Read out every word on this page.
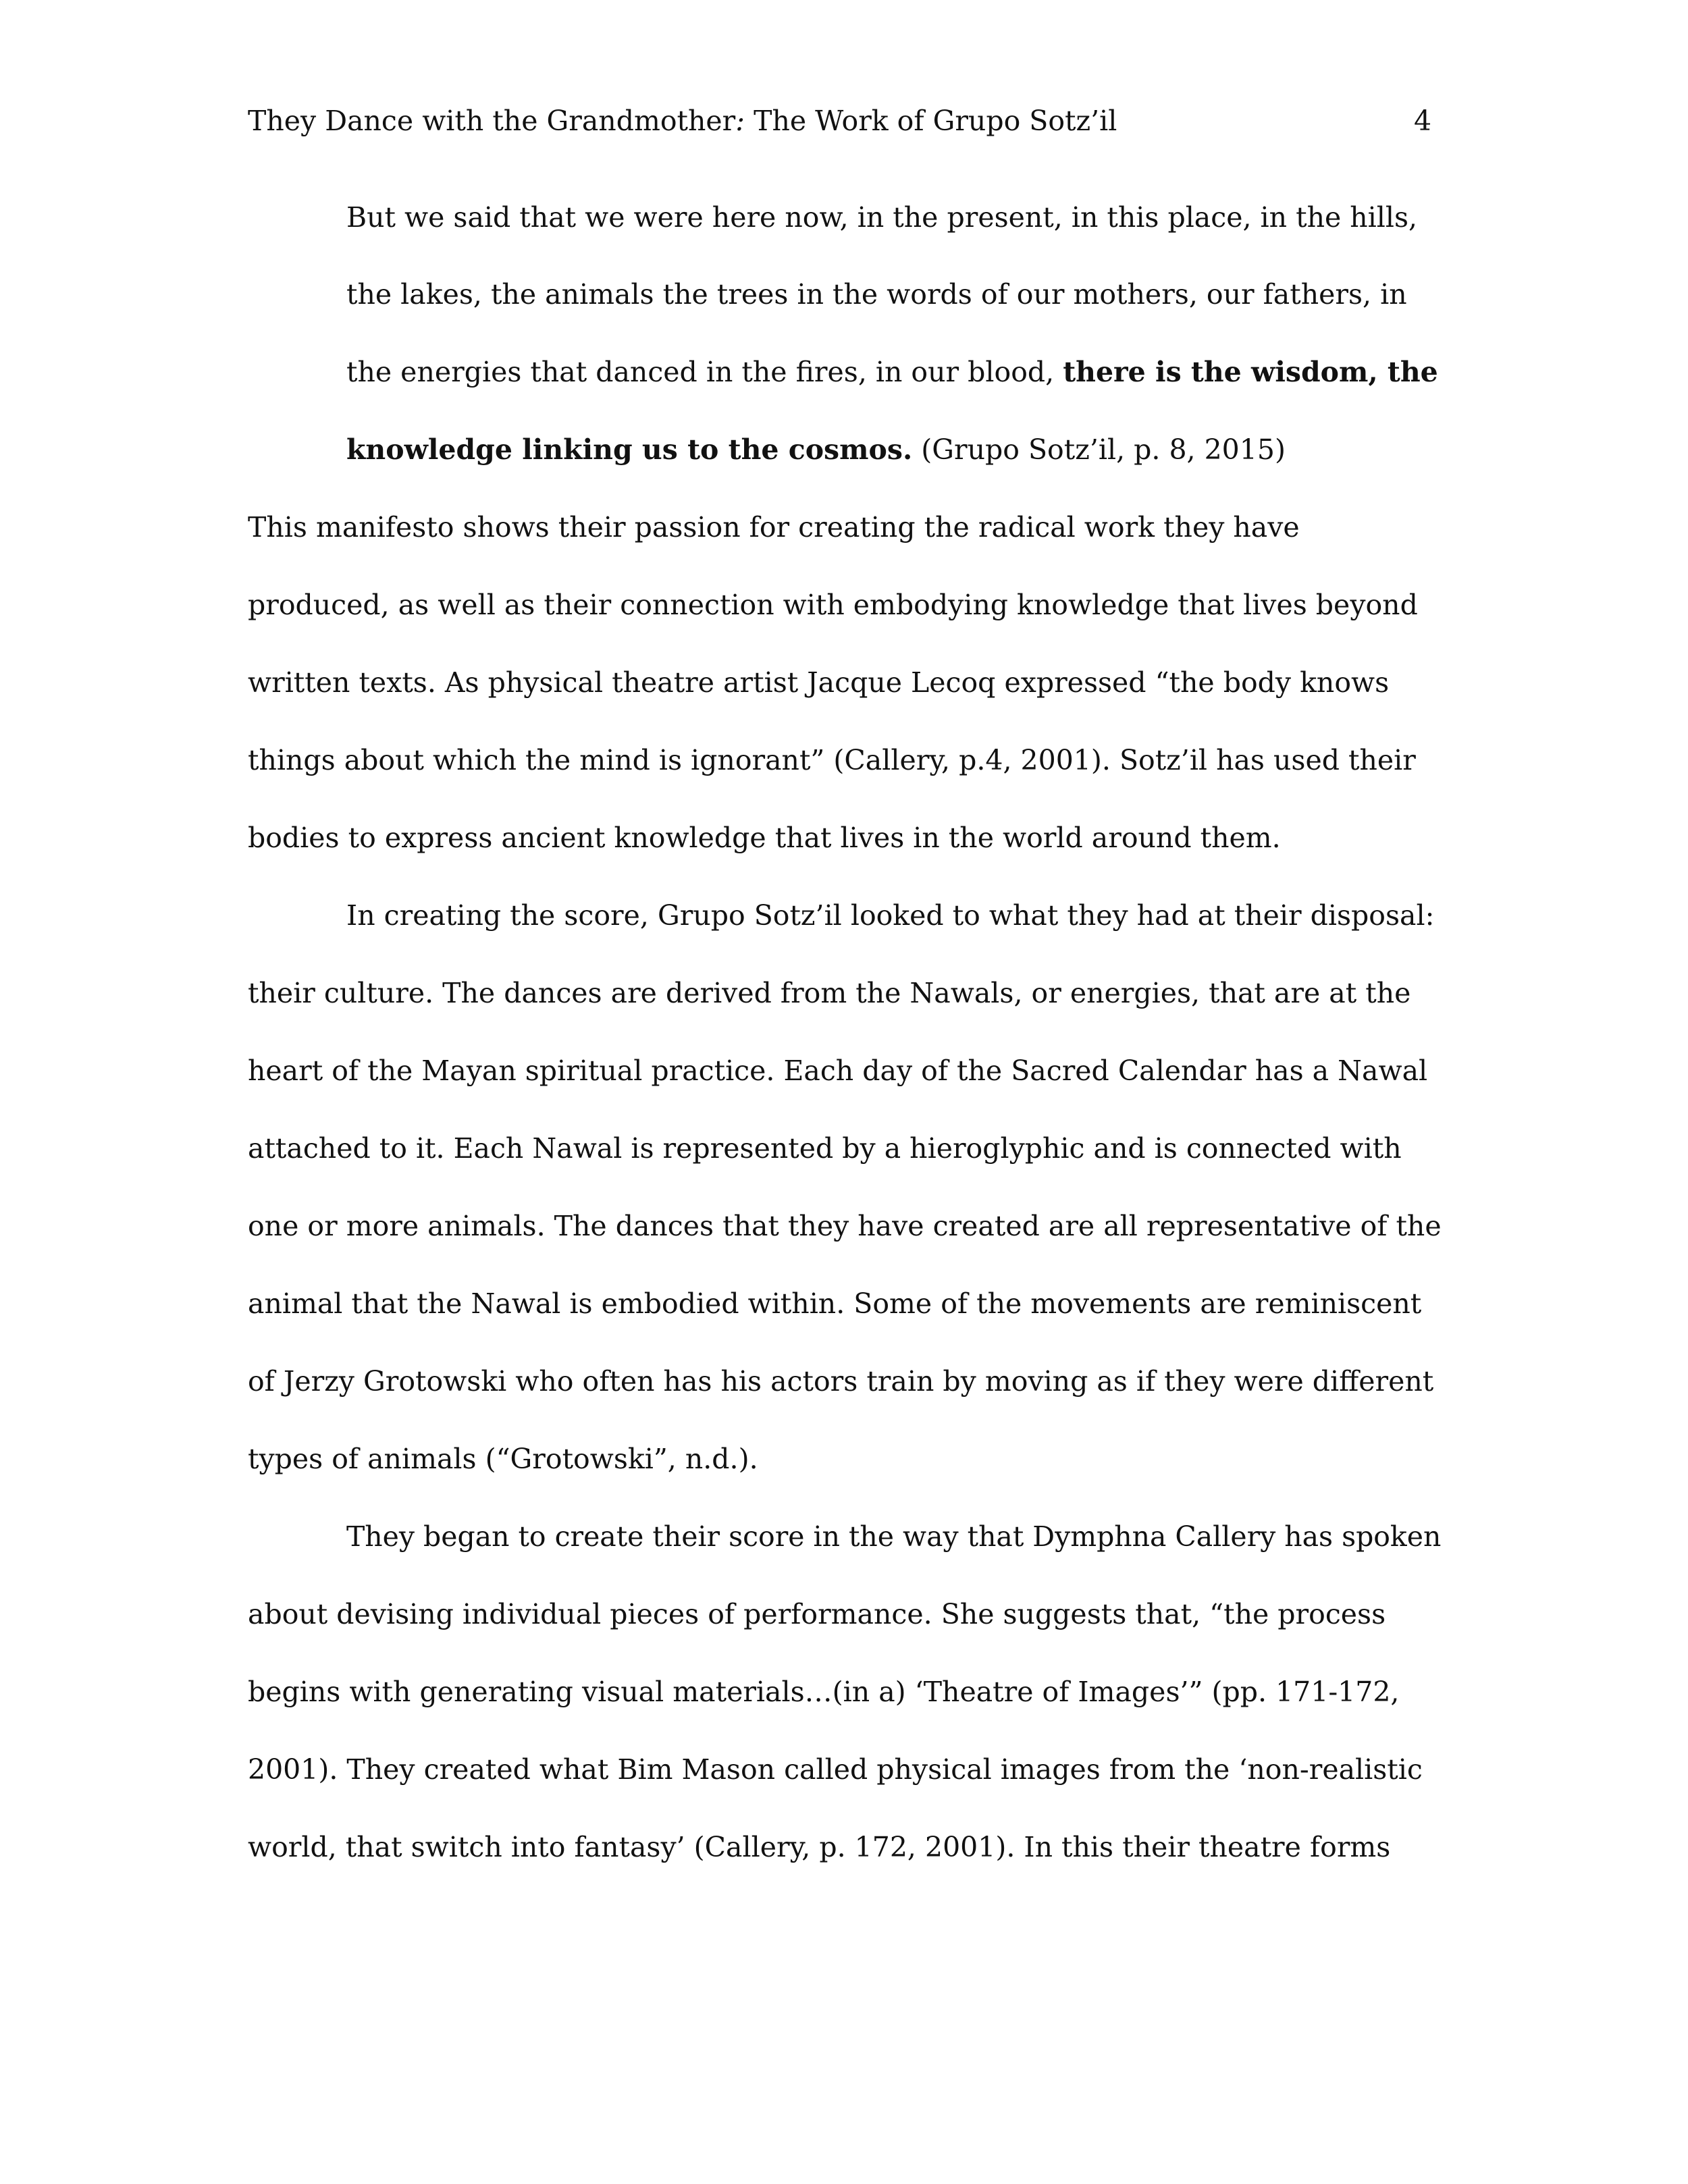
They Dance with the Grandmother: The Work of Grupo Sotz’il	4
But we said that we were here now, in the present, in this place, in the hills,
the lakes, the animals the trees in the words of our mothers, our fathers, in
the energies that danced in the fires, in our blood, there is the wisdom, the
knowledge linking us to the cosmos. (Grupo Sotz’il, p. 8, 2015)
This manifesto shows their passion for creating the radical work they have
produced, as well as their connection with embodying knowledge that lives beyond
written texts. As physical theatre artist Jacque Lecoq expressed “the body knows
things about which the mind is ignorant” (Callery, p.4, 2001). Sotz’il has used their
bodies to express ancient knowledge that lives in the world around them.
In creating the score, Grupo Sotz’il looked to what they had at their disposal:
their culture. The dances are derived from the Nawals, or energies, that are at the
heart of the Mayan spiritual practice. Each day of the Sacred Calendar has a Nawal
attached to it. Each Nawal is represented by a hieroglyphic and is connected with
one or more animals. The dances that they have created are all representative of the
animal that the Nawal is embodied within. Some of the movements are reminiscent
of Jerzy Grotowski who often has his actors train by moving as if they were different
types of animals (“Grotowski”, n.d.).
They began to create their score in the way that Dymphna Callery has spoken
about devising individual pieces of performance. She suggests that, “the process
begins with generating visual materials…(in a) ‘Theatre of Images’” (pp. 171-172,
2001). They created what Bim Mason called physical images from the ‘non-realistic
world, that switch into fantasy’ (Callery, p. 172, 2001). In this their theatre forms
